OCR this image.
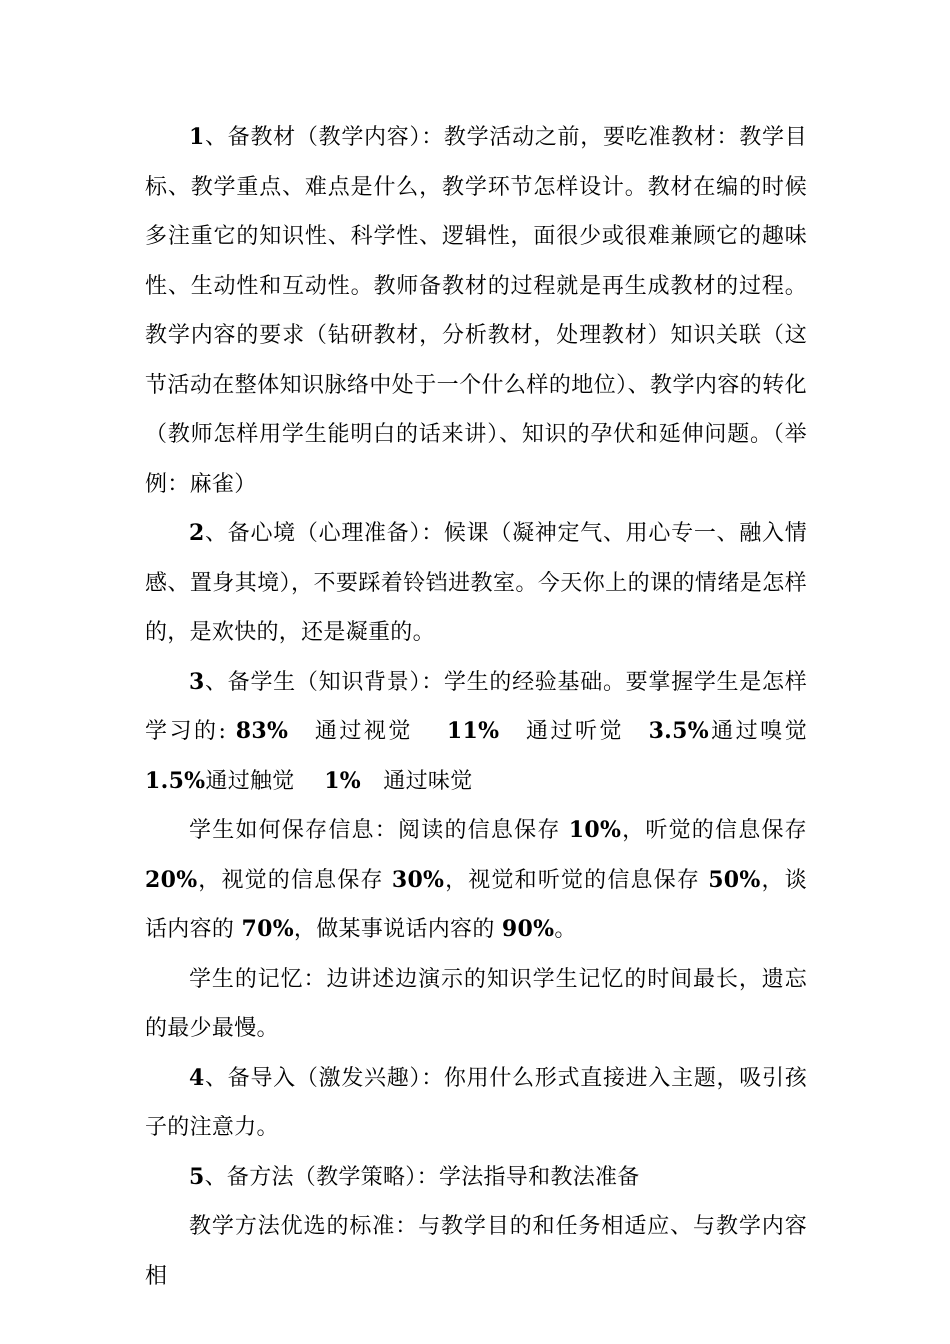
1、备教材（教学内容）：教学活动之前，要吃准教材：教学目标、教学重点、难点是什么，教学环节怎样设计。教材在编的时候多注重它的知识性、科学性、逻辑性，面很少或很难兼顾它的趣味性、生动性和互动性。教师备教材的过程就是再生成教材的过程。教学内容的要求（钻研教材，分析教材，处理教材）知识关联（这节活动在整体知识脉络中处于一个什么样的地位）、教学内容的转化（教师怎样用学生能明白的话来讲）、知识的孕伏和延伸问题。（举例：麻雀）

2、备心境（心理准备）：候课（凝神定气、用心专一、融入情感、置身其境），不要踩着铃铛进教室。今天你上的课的情绪是怎样的，是欢快的，还是凝重的。

3、备学生（知识背景）：学生的经验基础。要掌握学生是怎样学习的: 83%　通过视觉　 11%　通过听觉　3.5%通过嗅觉　1.5%通过触觉　 1%　通过味觉

学生如何保存信息：阅读的信息保存 10%，听觉的信息保存 20%，视觉的信息保存 30%，视觉和听觉的信息保存 50%，谈话内容的 70%，做某事说话内容的 90%。

学生的记忆：边讲述边演示的知识学生记忆的时间最长，遗忘的最少最慢。

4、备导入（激发兴趣）：你用什么形式直接进入主题，吸引孩子的注意力。

5、备方法（教学策略）：学法指导和教法准备

教学方法优选的标准：与教学目的和任务相适应、与教学内容相
